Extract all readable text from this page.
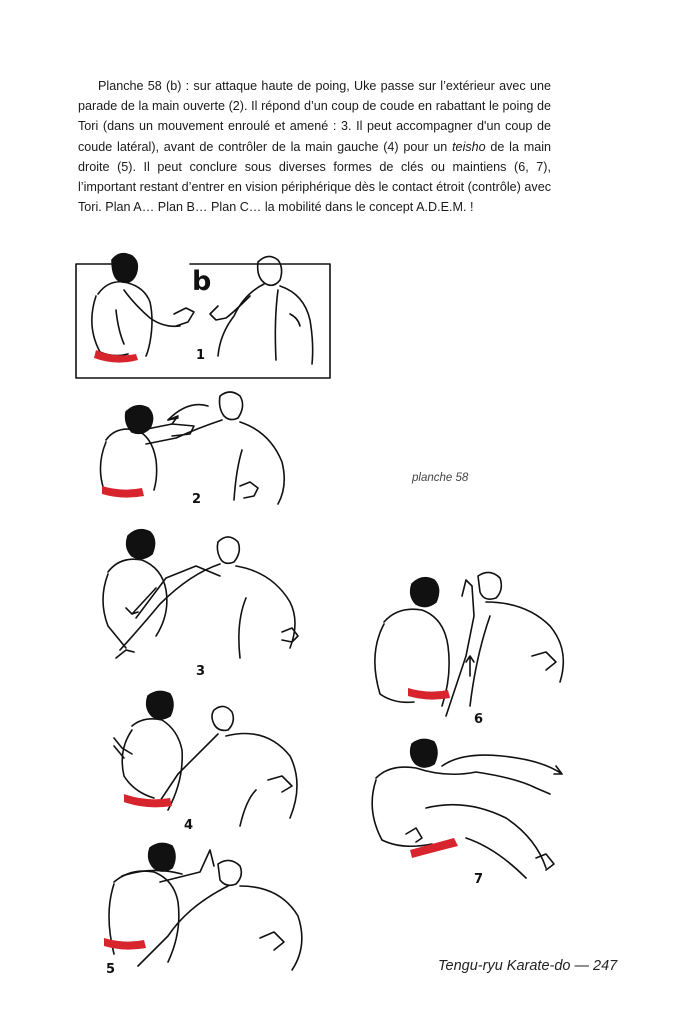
Planche 58 (b) : sur attaque haute de poing, Uke passe sur l’extérieur avec une parade de la main ouverte (2). Il répond d’un coup de coude en rabattant le poing de Tori (dans un mouvement enroulé et amené : 3. Il peut accompagner d'un coup de coude latéral), avant de contrôler de la main gauche (4) pour un teisho de la main droite (5). Il peut conclure sous diverses formes de clés ou maintiens (6, 7), l’important restant d’entrer en vision périphérique dès le contact étroit (contrôle) avec Tori. Plan A… Plan B… Plan C… la mobilité dans le concept A.D.E.M. !

b
1
2
planche 58
3
4
5
6
7
Tengu-ryu Karate-do — 247
